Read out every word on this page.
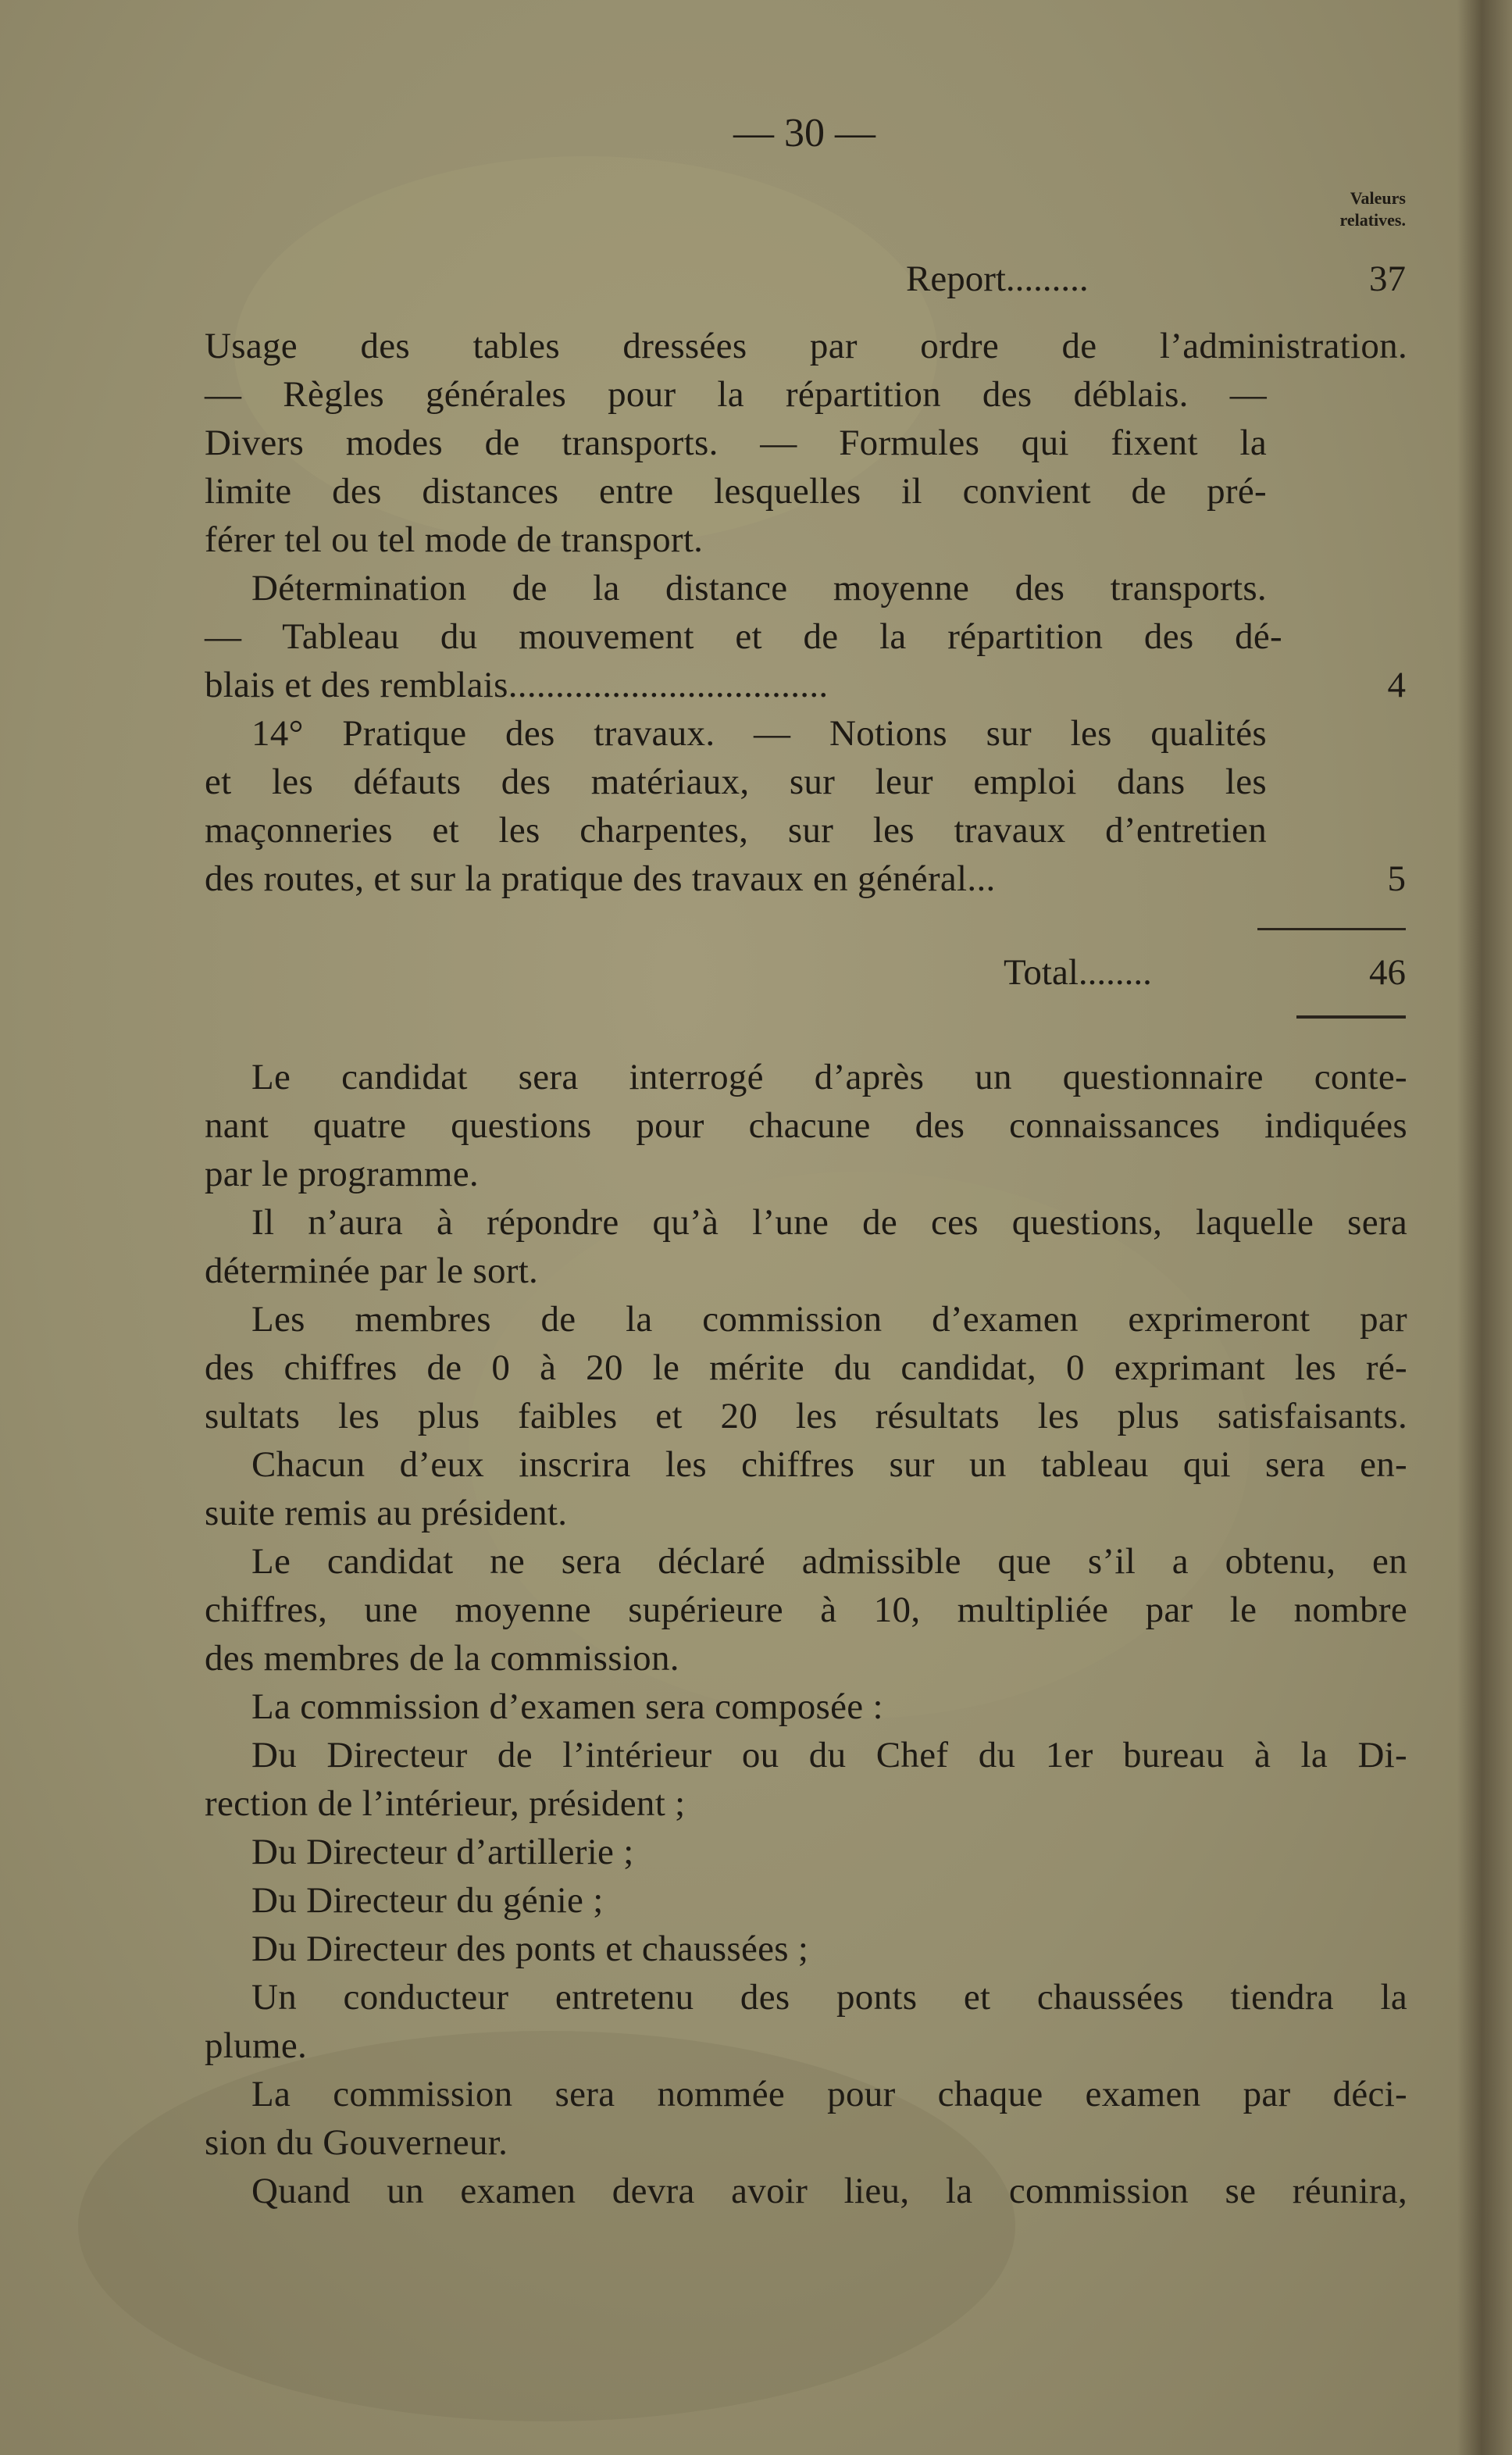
— 30 —
Valeurs
relatives.
Report.........	37
Usage des tables dressées par ordre de l’administration.
— Règles générales pour la répartition des déblais. —
Divers modes de transports. — Formules qui fixent la
limite des distances entre lesquelles il convient de pré-
férer tel ou tel mode de transport.
Détermination de la distance moyenne des transports.
— Tableau du mouvement et de la répartition des dé-
blais et des remblais..................................	4
14° Pratique des travaux. — Notions sur les qualités
et les défauts des matériaux, sur leur emploi dans les
maçonneries et les charpentes, sur les travaux d’entretien
des routes, et sur la pratique des travaux en général...	5
Total........	46
Le candidat sera interrogé d’après un questionnaire conte-
nant quatre questions pour chacune des connaissances indiquées
par le programme.
Il n’aura à répondre qu’à l’une de ces questions, laquelle sera
déterminée par le sort.
Les membres de la commission d’examen exprimeront par
des chiffres de 0 à 20 le mérite du candidat, 0 exprimant les ré-
sultats les plus faibles et 20 les résultats les plus satisfaisants.
Chacun d’eux inscrira les chiffres sur un tableau qui sera en-
suite remis au président.
Le candidat ne sera déclaré admissible que s’il a obtenu, en
chiffres, une moyenne supérieure à 10, multipliée par le nombre
des membres de la commission.
La commission d’examen sera composée :
Du Directeur de l’intérieur ou du Chef du 1er bureau à la Di-
rection de l’intérieur, président ;
Du Directeur d’artillerie ;
Du Directeur du génie ;
Du Directeur des ponts et chaussées ;
Un conducteur entretenu des ponts et chaussées tiendra la
plume.
La commission sera nommée pour chaque examen par déci-
sion du Gouverneur.
Quand un examen devra avoir lieu, la commission se réunira,
